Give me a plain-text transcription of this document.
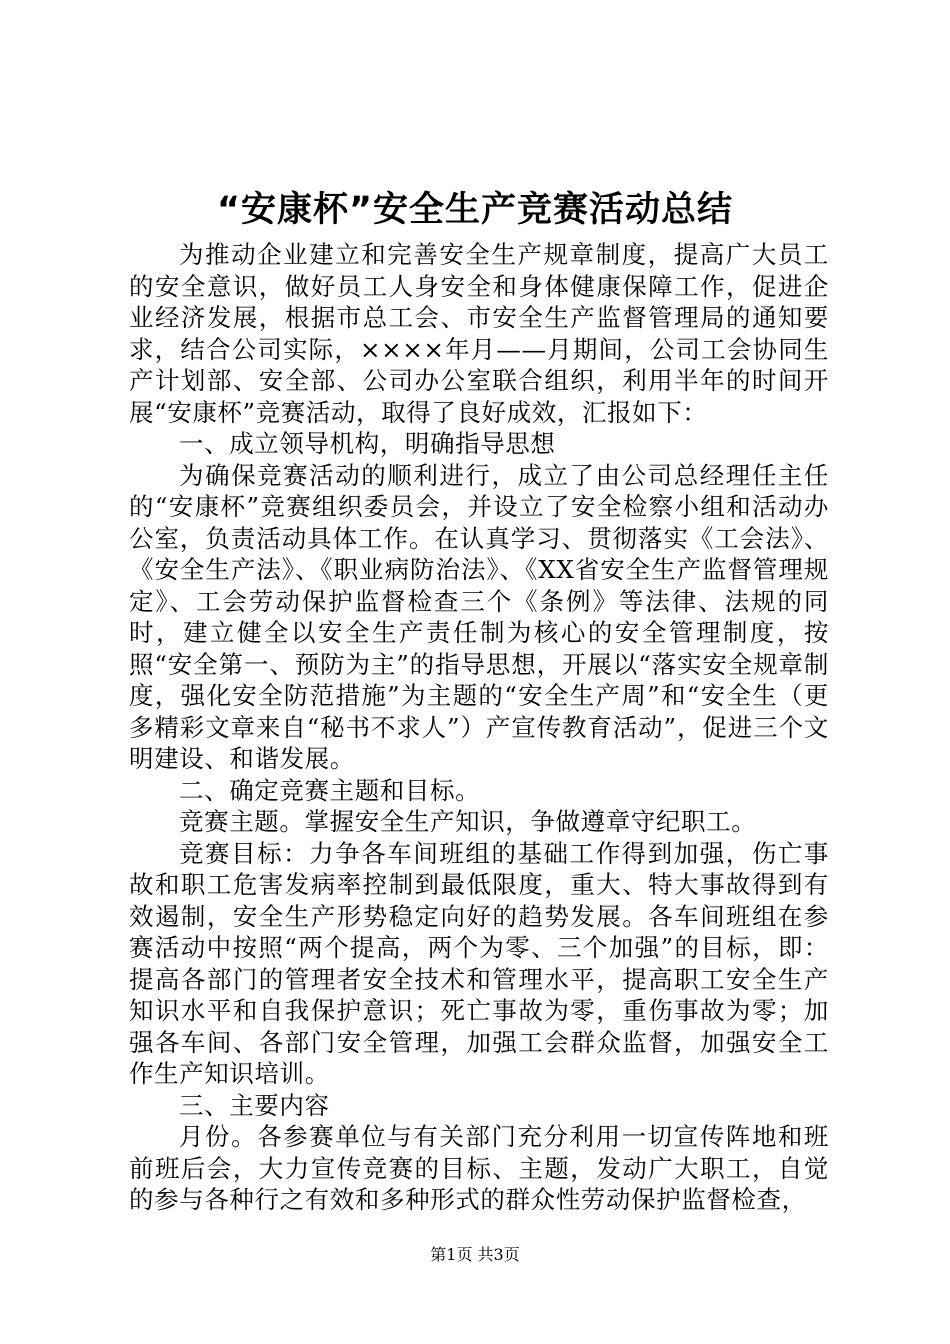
“安康杯”安全生产竞赛活动总结

为推动企业建立和完善安全生产规章制度，提高广大员工的安全意识，做好员工人身安全和身体健康保障工作，促进企业经济发展，根据市总工会、市安全生产监督管理局的通知要求，结合公司实际，××××年月——月期间，公司工会协同生产计划部、安全部、公司办公室联合组织，利用半年的时间开展“安康杯”竞赛活动，取得了良好成效，汇报如下：

一、成立领导机构，明确指导思想

为确保竞赛活动的顺利进行，成立了由公司总经理任主任的“安康杯”竞赛组织委员会，并设立了安全检察小组和活动办公室，负责活动具体工作。在认真学习、贯彻落实《工会法》、《安全生产法》、《职业病防治法》、《XX省安全生产监督管理规定》、工会劳动保护监督检查三个《条例》等法律、法规的同时，建立健全以安全生产责任制为核心的安全管理制度，按照“安全第一、预防为主”的指导思想，开展以“落实安全规章制度，强化安全防范措施”为主题的“安全生产周”和“安全生（更多精彩文章来自“秘书不求人”）产宣传教育活动”，促进三个文明建设、和谐发展。

二、确定竞赛主题和目标。

竞赛主题。掌握安全生产知识，争做遵章守纪职工。

竞赛目标：力争各车间班组的基础工作得到加强，伤亡事故和职工危害发病率控制到最低限度，重大、特大事故得到有效遏制，安全生产形势稳定向好的趋势发展。各车间班组在参赛活动中按照“两个提高，两个为零、三个加强”的目标，即：提高各部门的管理者安全技术和管理水平，提高职工安全生产知识水平和自我保护意识；死亡事故为零，重伤事故为零；加强各车间、各部门安全管理，加强工会群众监督，加强安全工作生产知识培训。

三、主要内容

月份。各参赛单位与有关部门充分利用一切宣传阵地和班前班后会，大力宣传竞赛的目标、主题，发动广大职工，自觉的参与各种行之有效和多种形式的群众性劳动保护监督检查，

第1页 共3页
